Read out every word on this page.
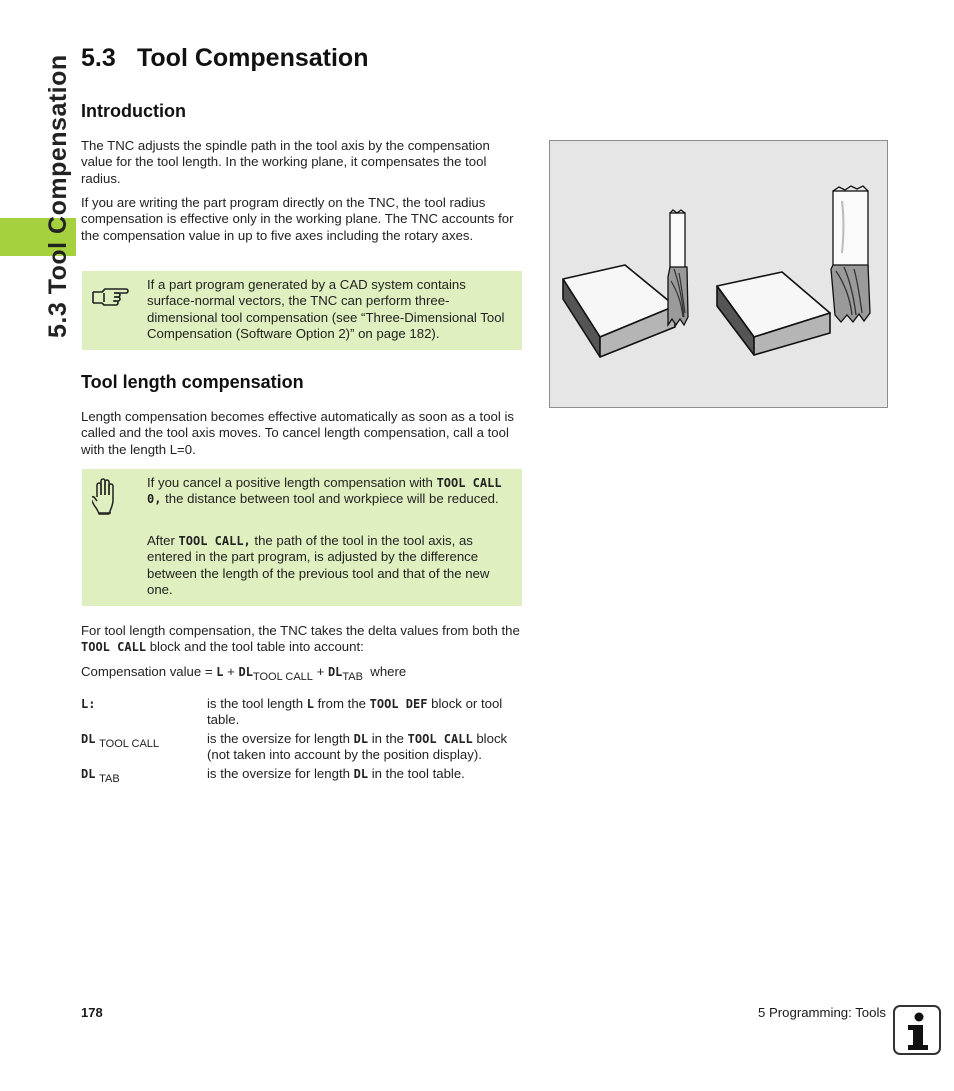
5.3 Tool Compensation 5.3 Tool Compensation
Introduction

The TNC adjusts the spindle path in the tool axis by the compensation value for the tool length. In the working plane, it compensates the tool radius.

If you are writing the part program directly on the TNC, the tool radius compensation is effective only in the working plane. The TNC accounts for the compensation value in up to five axes including the rotary axes.

If a part program generated by a CAD system contains surface-normal vectors, the TNC can perform three-dimensional tool compensation (see “Three-Dimensional Tool Compensation (Software Option 2)” on page 182).

Tool length compensation

Length compensation becomes effective automatically as soon as a tool is called and the tool axis moves. To cancel length compensation, call a tool with the length L=0.

If you cancel a positive length compensation with TOOL CALL 0, the distance between tool and workpiece will be reduced.

After TOOL CALL, the path of the tool in the tool axis, as entered in the part program, is adjusted by the difference between the length of the previous tool and that of the new one.

For tool length compensation, the TNC takes the delta values from both the TOOL CALL block and the tool table into account:

Compensation value = $L + DL_{TOOL CALL} + DL_{TAB}$ where

L:	is the tool length L from the TOOL DEF block or tool table.
DL $_{TOOL CALL}$	is the oversize for length DL in the TOOL CALL block (not taken into account by the position display).
DL $_{TAB}$	is the oversize for length DL in the tool table.
178	5 Programming: Tools
